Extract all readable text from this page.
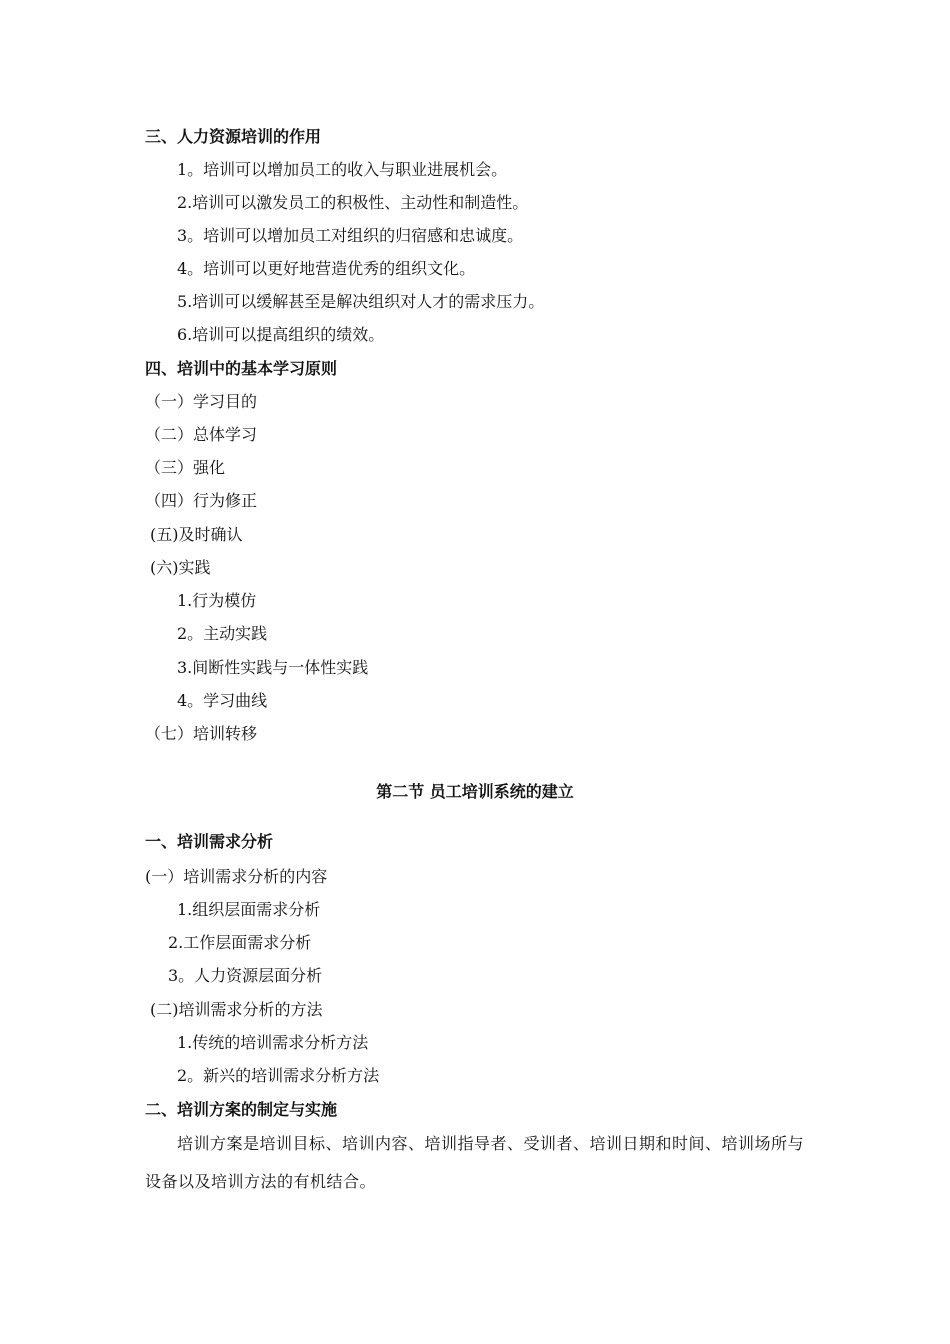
三、人力资源培训的作用
1。培训可以增加员工的收入与职业进展机会。
2.培训可以激发员工的积极性、主动性和制造性。
3。培训可以增加员工对组织的归宿感和忠诚度。
4。培训可以更好地营造优秀的组织文化。
5.培训可以缓解甚至是解决组织对人才的需求压力。
6.培训可以提高组织的绩效。
四、培训中的基本学习原则
（一）学习目的
（二）总体学习
（三）强化
（四）行为修正
(五)及时确认
(六)实践
1.行为模仿
2。主动实践
3.间断性实践与一体性实践
4。学习曲线
（七）培训转移
第二节 员工培训系统的建立
一、培训需求分析
(一）培训需求分析的内容
1.组织层面需求分析
2.工作层面需求分析
3。人力资源层面分析
(二)培训需求分析的方法
1.传统的培训需求分析方法
2。新兴的培训需求分析方法
二、培训方案的制定与实施
培训方案是培训目标、培训内容、培训指导者、受训者、培训日期和时间、培训场所与设备以及培训方法的有机结合。
